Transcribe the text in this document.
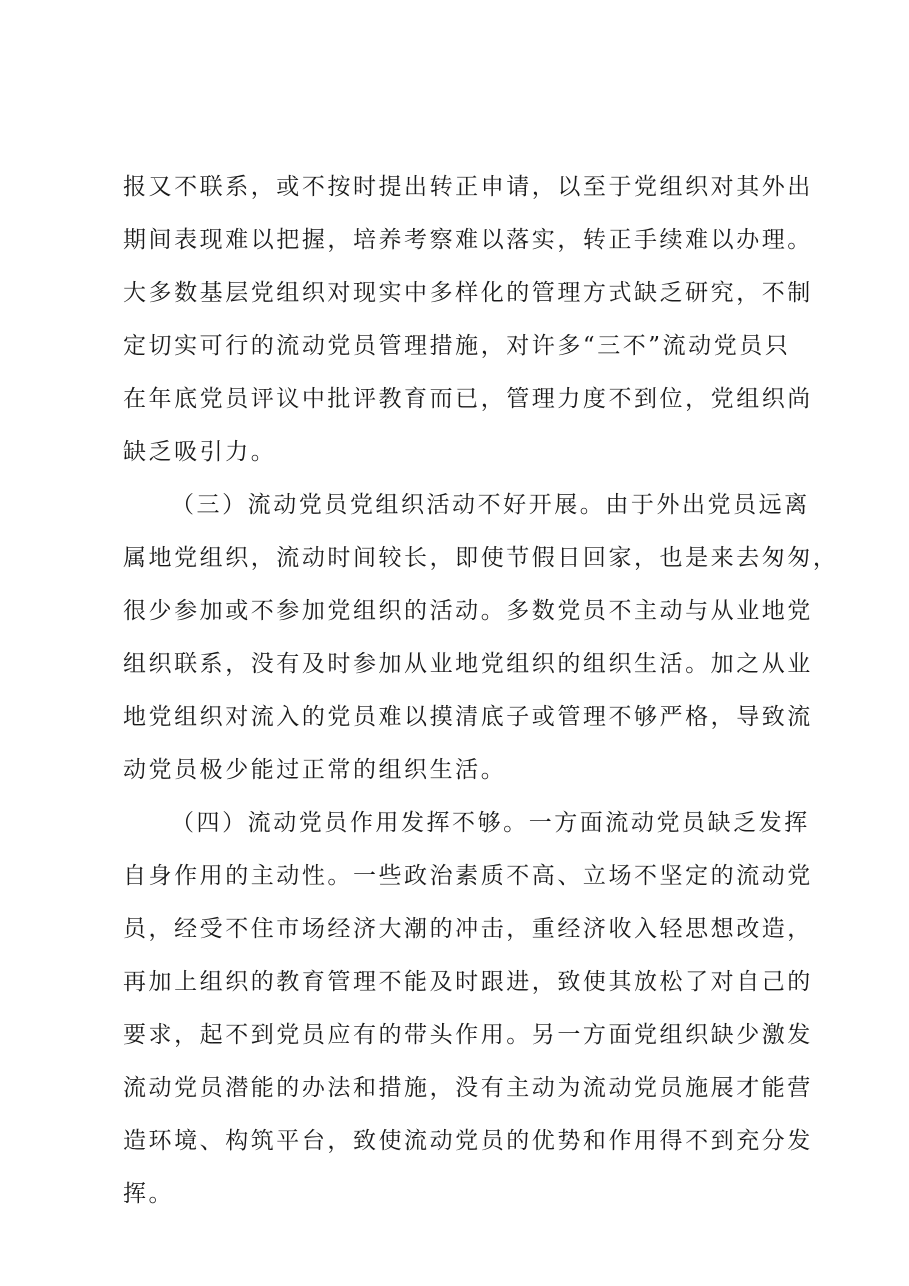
报又不联系，或不按时提出转正申请，以至于党组织对其外出
期间表现难以把握，培养考察难以落实，转正手续难以办理。
大多数基层党组织对现实中多样化的管理方式缺乏研究，不制
定切实可行的流动党员管理措施，对许多“三不”流动党员只
在年底党员评议中批评教育而已，管理力度不到位，党组织尚
缺乏吸引力。
（三）流动党员党组织活动不好开展。由于外出党员远离
属地党组织，流动时间较长，即使节假日回家，也是来去匆匆，
很少参加或不参加党组织的活动。多数党员不主动与从业地党
组织联系，没有及时参加从业地党组织的组织生活。加之从业
地党组织对流入的党员难以摸清底子或管理不够严格，导致流
动党员极少能过正常的组织生活。
（四）流动党员作用发挥不够。一方面流动党员缺乏发挥
自身作用的主动性。一些政治素质不高、立场不坚定的流动党
员，经受不住市场经济大潮的冲击，重经济收入轻思想改造，
再加上组织的教育管理不能及时跟进，致使其放松了对自己的
要求，起不到党员应有的带头作用。另一方面党组织缺少激发
流动党员潜能的办法和措施，没有主动为流动党员施展才能营
造环境、构筑平台，致使流动党员的优势和作用得不到充分发
挥。
